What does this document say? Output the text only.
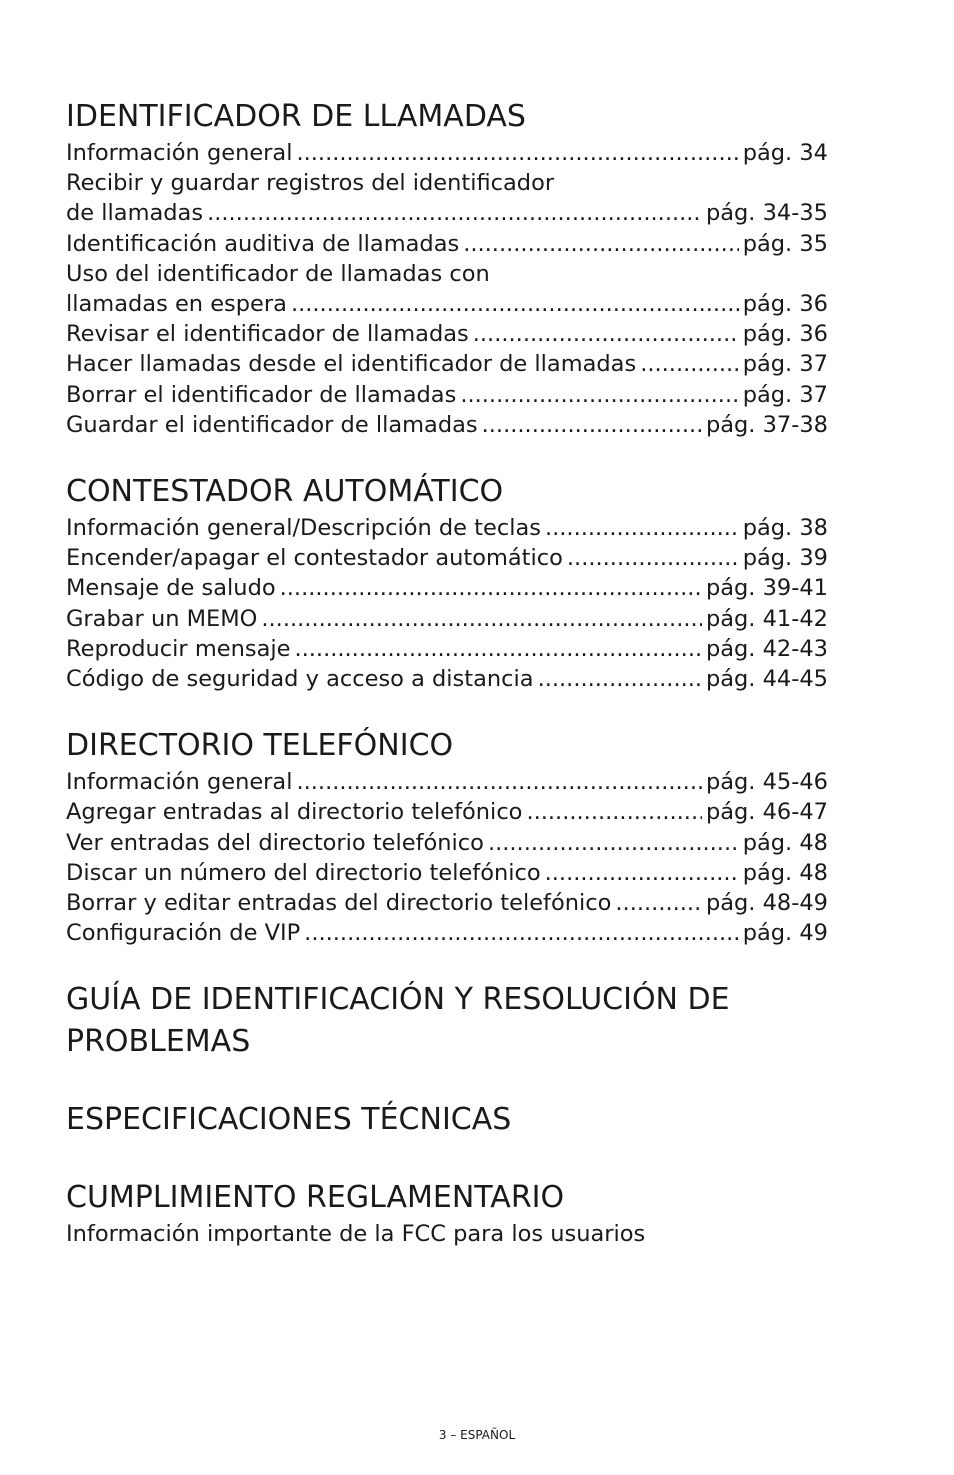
IDENTIFICADOR DE LLAMADAS
Información general .....	pág. 34
Recibir y guardar registros del identificador
de llamadas .....	pág. 34-35
Identificación auditiva de llamadas .....	pág. 35
Uso del identificador de llamadas con
llamadas en espera .....	pág. 36
Revisar el identificador de llamadas .....	pág. 36
Hacer llamadas desde el identificador de llamadas .....	pág. 37
Borrar el identificador de llamadas .....	pág. 37
Guardar el identificador de llamadas .....	pág. 37-38
CONTESTADOR AUTOMÁTICO
Información general/Descripción de teclas .....	pág. 38
Encender/apagar el contestador automático .....	pág. 39
Mensaje de saludo .....	pág. 39-41
Grabar un MEMO .....	pág. 41-42
Reproducir mensaje .....	pág. 42-43
Código de seguridad y acceso a distancia .....	pág. 44-45
DIRECTORIO TELEFÓNICO
Información general .....	pág. 45-46
Agregar entradas al directorio telefónico .....	pág. 46-47
Ver entradas del directorio telefónico .....	pág. 48
Discar un número del directorio telefónico .....	pág. 48
Borrar y editar entradas del directorio telefónico .....	pág. 48-49
Configuración de VIP .....	pág. 49
GUÍA DE IDENTIFICACIÓN Y RESOLUCIÓN DE PROBLEMAS
ESPECIFICACIONES TÉCNICAS
CUMPLIMIENTO REGLAMENTARIO
Información importante de la FCC para los usuarios
3 – ESPAÑOL
